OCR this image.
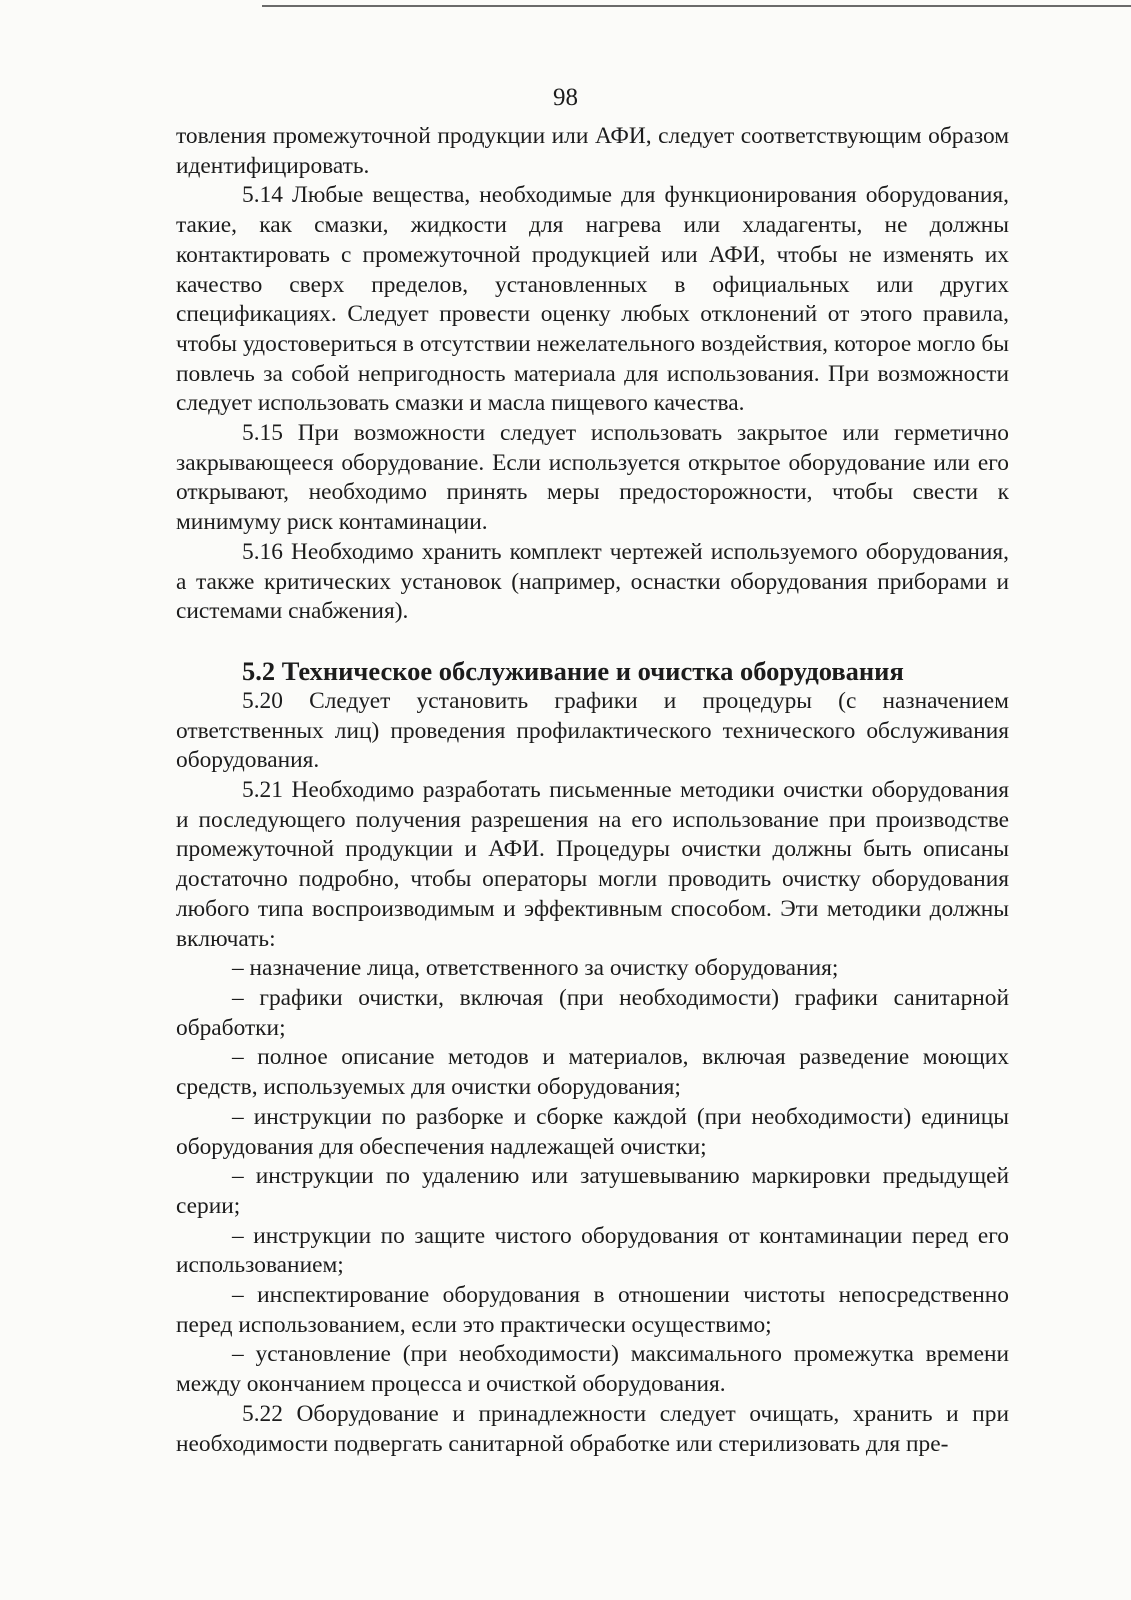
98

товления промежуточной продукции или АФИ, следует соответствующим образом идентифицировать.

5.14 Любые вещества, необходимые для функционирования оборудования, такие, как смазки, жидкости для нагрева или хладагенты, не должны контактировать с промежуточной продукцией или АФИ, чтобы не изменять их качество сверх пределов, установленных в официальных или других спецификациях. Следует провести оценку любых отклонений от этого правила, чтобы удостовериться в отсутствии нежелательного воздействия, которое могло бы повлечь за собой непригодность материала для использования. При возможности следует использовать смазки и масла пищевого качества.

5.15 При возможности следует использовать закрытое или герметично закрывающееся оборудование. Если используется открытое оборудование или его открывают, необходимо принять меры предосторожности, чтобы свести к минимуму риск контаминации.

5.16 Необходимо хранить комплект чертежей используемого оборудования, а также критических установок (например, оснастки оборудования приборами и системами снабжения).

5.2 Техническое обслуживание и очистка оборудования

5.20 Следует установить графики и процедуры (с назначением ответственных лиц) проведения профилактического технического обслуживания оборудования.

5.21 Необходимо разработать письменные методики очистки оборудования и последующего получения разрешения на его использование при производстве промежуточной продукции и АФИ. Процедуры очистки должны быть описаны достаточно подробно, чтобы операторы могли проводить очистку оборудования любого типа воспроизводимым и эффективным способом. Эти методики должны включать:

– назначение лица, ответственного за очистку оборудования;

– графики очистки, включая (при необходимости) графики санитарной обработки;

– полное описание методов и материалов, включая разведение моющих средств, используемых для очистки оборудования;

– инструкции по разборке и сборке каждой (при необходимости) единицы оборудования для обеспечения надлежащей очистки;

– инструкции по удалению или затушевыванию маркировки предыдущей серии;

– инструкции по защите чистого оборудования от контаминации перед его использованием;

– инспектирование оборудования в отношении чистоты непосредственно перед использованием, если это практически осуществимо;

– установление (при необходимости) максимального промежутка времени между окончанием процесса и очисткой оборудования.

5.22 Оборудование и принадлежности следует очищать, хранить и при необходимости подвергать санитарной обработке или стерилизовать для пре-
